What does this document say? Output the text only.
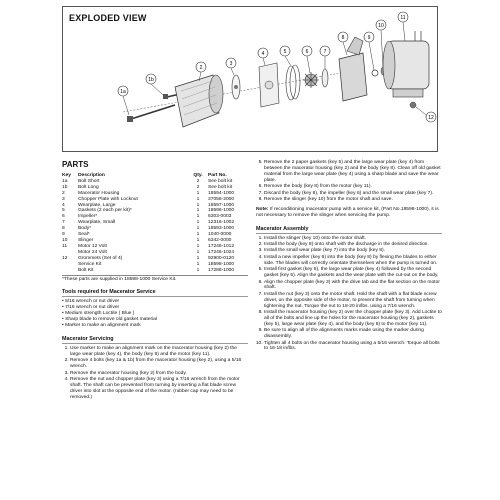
EXPLODED VIEW
1a
1b
2
3
4	5	6	7
8	9
10
11
12
PARTS
Key	Description	Qty.	Part No.
1a	Bolt Short	2	See bolt kit
1b	Bolt Long	2	See bolt kit
2	Macerator Housing	1	18594-1000
3	Chopper Plate with Locknut	1	37058-2000
4	Wearplate, Large	1	18597-1000
5	Gaskets (2 each per kit)*	1	18596-1000
6	Impeller*	1	6303-0003
7	Wearplate, Small	1	12316-1002
8	Body*	1	18593-1000
9	Seal*	1	1040-0000
10	Slinger	1	6342-0000
11	Motor 12 Volt	1	17246-1012
	Motor 24 Volt	1	17246-1024
12	Grommets (Set of 4)	1	92900-0120
	Service Kit	1	18598-1000
	Bolt Kit	1	17288-1000
*These parts are supplied in 18598-1000 Service Kit.
Tools required for Macerator Service
• 5/16 wrench or nut driver
• 7/16 wrench or nut driver
• Medium strength Loctite ( Blue )
• Sharp blade to remove old gasket material
• Marker to make an alignment mark
Macerator Servicing
1. Use marker to make an alignment mark on the macerator housing (key 2) the large wear plate (key 4), the body (key 8) and the motor (key 11).
2. Remove 4 bolts (key 1a & 1b) from the macerator housing (key 2), using a 5/16 wrench.
3. Remove the macerator housing (key 2) from the body.
4. Remove the nut and chopper plate (key 3) using a 7/16 wrench from the motor shaft. The shaft can be prevented from turning by inserting a flat blade screw driver into slot at the opposite end of the motor. (rubber cap may need to be removed.)
5. Remove the 2 paper gaskets (key 5) and the large wear plate (key 4) from between the macerator housing (key 2) and the body (key 8). Clean off old gasket material from the large wear plate (key 4) using a sharp blade and save the wear plate.
6. Remove the body (key 8) from the motor (key 11).
7. Discard the body (key 8), the impeller (key 6) and the small wear plate (key 7).
8. Remove the slinger (key 10) from the motor shaft and save.

Note: If reconditioning macerator pump with a service kit, (Part No.18598-1000), it is not necessary to remove the slinger when servicing the pump.

Macerator Assembly
1. Install the slinger (key 10) onto the motor shaft.
2. Install the body (key 8) onto shaft with the discharge in the desired direction.
3. Install the small wear plate (key 7) into the body (key 8).
4. Install a new impeller (key 6) into the body (key 8) by flexing the blades to either side. The blades will correctly orientate themselves when the pump is turned on.
5. Install first gasket (key 5), the large wear plate (key 4) followed by the second gasket (key 5). Align the gaskets and the wear plate with the cut-out on the body.
6. Align the chopper plate (key 3) with the drive tab and the flat section on the motor shaft.
7. Install the nut (key 3) onto the motor shaft. Hold the shaft with a flat blade screw driver, on the opposite side of the motor, to prevent the shaft from turning when tightening the nut. Torque the nut to 18-20 in/lbs. using a 7/16 wrench.
8. Install the macerator housing (key 2) over the chopper plate (key 3). Add Loctite to all of the bolts and line up the holes for the macerator housing (key 2), gaskets (key 5), large wear plate (key 4), and the body (key 8) to the motor (key 11).
9. Be sure to align all of the alignments marks made using the marker during disassembly.
10. Tighten all 4 bolts on the macerator housing using a 5/16 wrench. Torque all bolts to 16-18 in/lbs.
